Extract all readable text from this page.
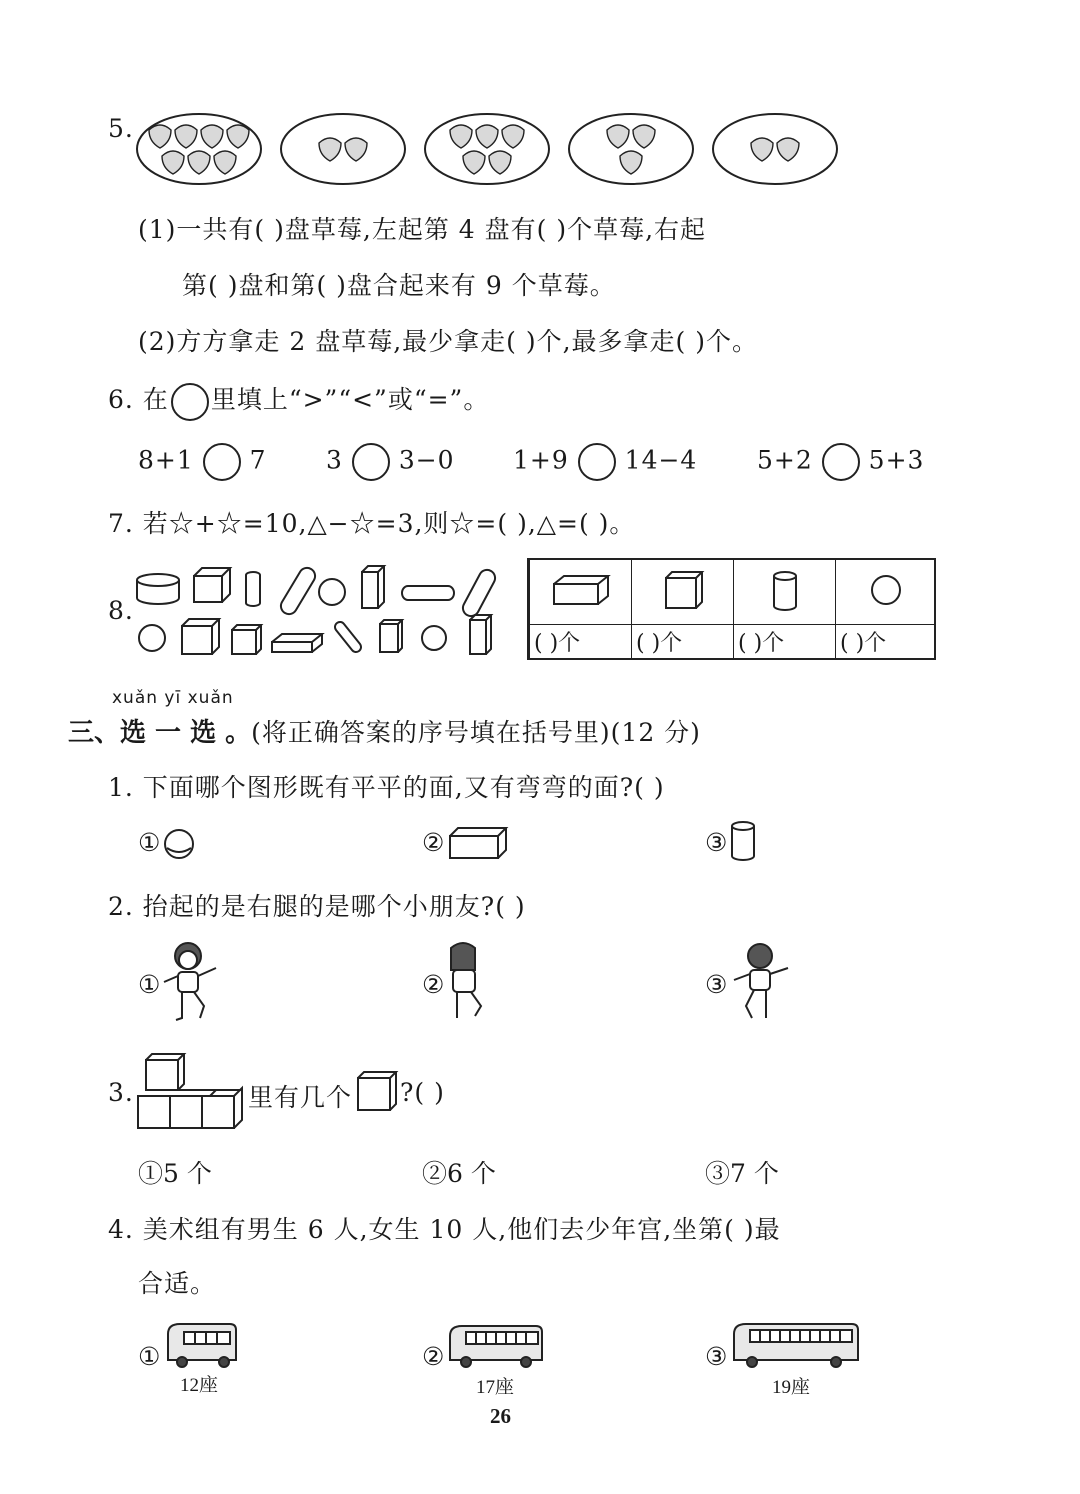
5.
(1)一共有( )盘草莓,左起第 4 盘有( )个草莓,右起
第( )盘和第( )盘合起来有 9 个草莓。
(2)方方拿走 2 盘草莓,最少拿走( )个,最多拿走( )个。
6. 在 里填上“>”“<”或“=”。
8+1 7 3 3−0 1+9 14−4 5+2 5+3
7. 若☆+☆=10,△−☆=3,则☆=( ),△=( )。
8.
( )个	( )个	( )个	( )个
xuǎn yī xuǎn
三、选 一 选 。(将正确答案的序号填在括号里)(12 分)
1. 下面哪个图形既有平平的面,又有弯弯的面?( )
①	②	③
2. 抬起的是右腿的是哪个小朋友?( )
①	②	③
3.	里有几个 ?( )
①5 个	②6 个	③7 个
4. 美术组有男生 6 人,女生 10 人,他们去少年宫,坐第( )最
合适。
①
12座
②
17座
③
19座
26
